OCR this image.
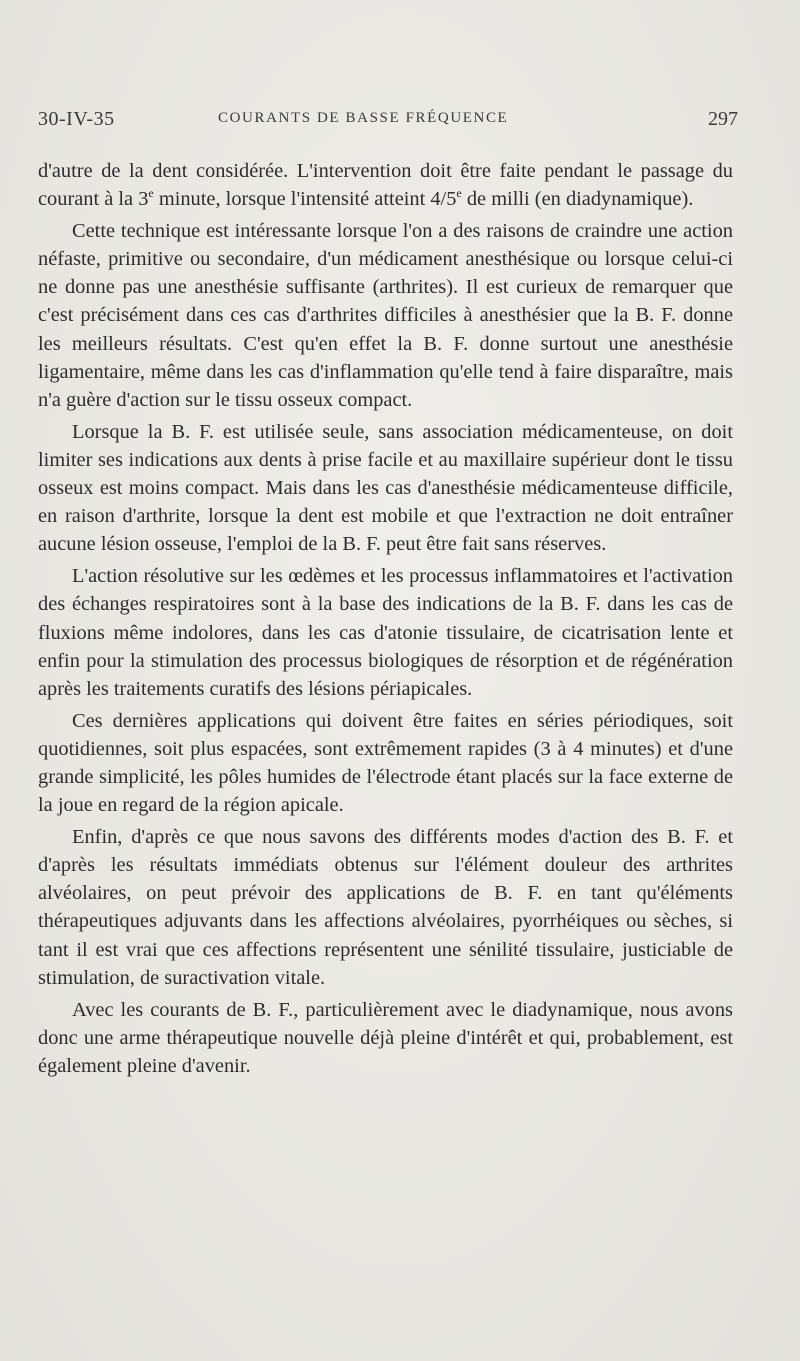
30-IV-35	COURANTS DE BASSE FRÉQUENCE	297

d'autre de la dent considérée. L'intervention doit être faite pendant le passage du courant à la 3e minute, lorsque l'intensité atteint 4/5e de milli (en diadynamique).

Cette technique est intéressante lorsque l'on a des raisons de craindre une action néfaste, primitive ou secondaire, d'un médicament anesthésique ou lorsque celui-ci ne donne pas une anesthésie suffisante (arthrites). Il est curieux de remarquer que c'est précisément dans ces cas d'arthrites difficiles à anesthésier que la B. F. donne les meilleurs résultats. C'est qu'en effet la B. F. donne surtout une anesthésie ligamentaire, même dans les cas d'inflammation qu'elle tend à faire disparaître, mais n'a guère d'action sur le tissu osseux compact.

Lorsque la B. F. est utilisée seule, sans association médicamenteuse, on doit limiter ses indications aux dents à prise facile et au maxillaire supérieur dont le tissu osseux est moins compact. Mais dans les cas d'anesthésie médicamenteuse difficile, en raison d'arthrite, lorsque la dent est mobile et que l'extraction ne doit entraîner aucune lésion osseuse, l'emploi de la B. F. peut être fait sans réserves.

L'action résolutive sur les œdèmes et les processus inflammatoires et l'activation des échanges respiratoires sont à la base des indications de la B. F. dans les cas de fluxions même indolores, dans les cas d'atonie tissulaire, de cicatrisation lente et enfin pour la stimulation des processus biologiques de résorption et de régénération après les traitements curatifs des lésions périapicales.

Ces dernières applications qui doivent être faites en séries périodiques, soit quotidiennes, soit plus espacées, sont extrêmement rapides (3 à 4 minutes) et d'une grande simplicité, les pôles humides de l'électrode étant placés sur la face externe de la joue en regard de la région apicale.

Enfin, d'après ce que nous savons des différents modes d'action des B. F. et d'après les résultats immédiats obtenus sur l'élément douleur des arthrites alvéolaires, on peut prévoir des applications de B. F. en tant qu'éléments thérapeutiques adjuvants dans les affections alvéolaires, pyorrhéiques ou sèches, si tant il est vrai que ces affections représentent une sénilité tissulaire, justiciable de stimulation, de suractivation vitale.

Avec les courants de B. F., particulièrement avec le diadynamique, nous avons donc une arme thérapeutique nouvelle déjà pleine d'intérêt et qui, probablement, est également pleine d'avenir.
